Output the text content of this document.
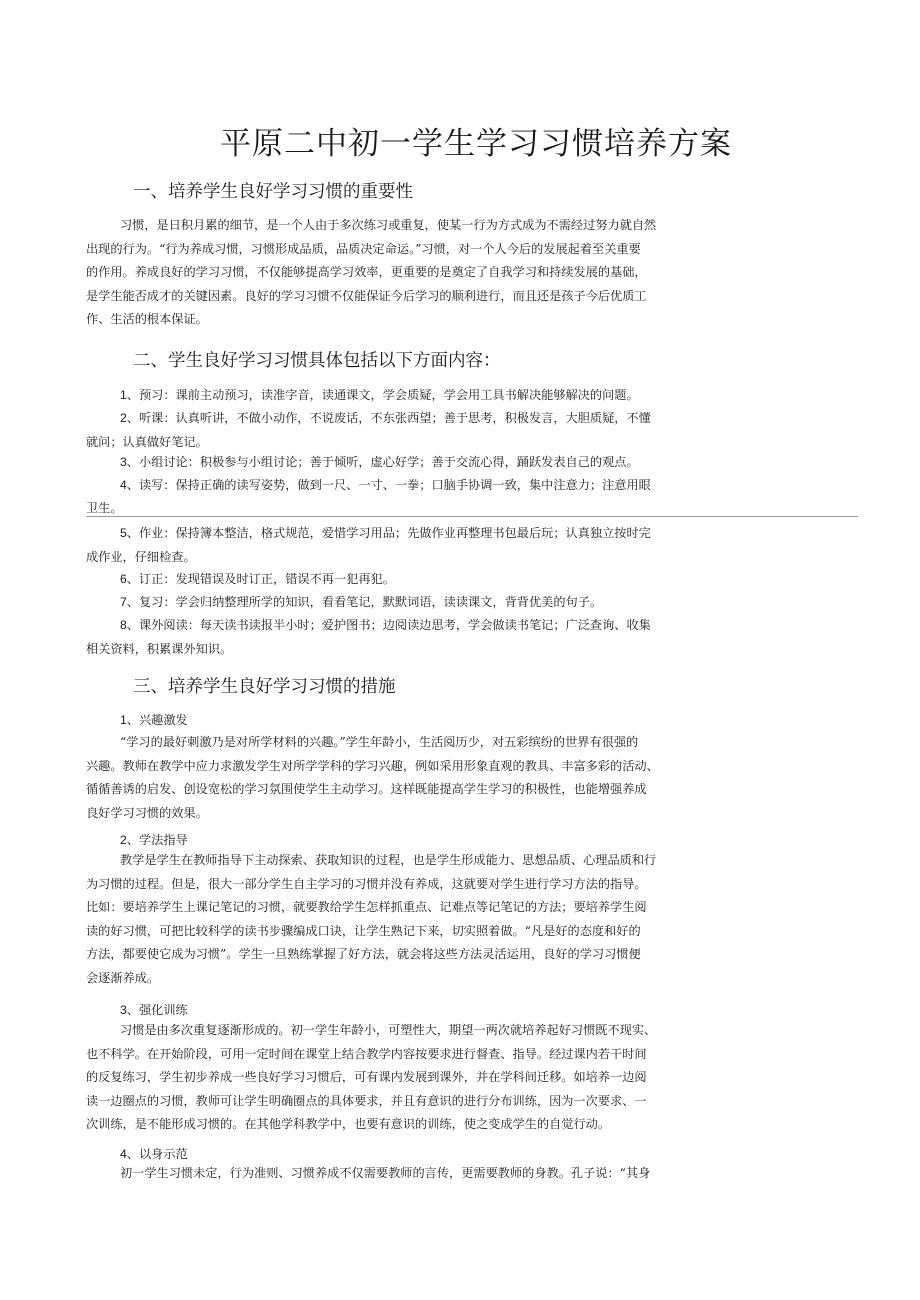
平原二中初一学生学习习惯培养方案
一、培养学生良好学习习惯的重要性
习惯，是日积月累的细节，是一个人由于多次练习或重复，使某一行为方式成为不需经过努力就自然
出现的行为。“行为养成习惯，习惯形成品质，品质决定命运。”习惯，对一个人今后的发展起着至关重要
的作用。养成良好的学习习惯，不仅能够提高学习效率，更重要的是奠定了自我学习和持续发展的基础，
是学生能否成才的关键因素。良好的学习习惯不仅能保证今后学习的顺利进行，而且还是孩子今后优质工
作、生活的根本保证。
二、学生良好学习习惯具体包括以下方面内容：
1、预习：课前主动预习，读准字音，读通课文，学会质疑，学会用工具书解决能够解决的问题。
2、听课：认真听讲，不做小动作，不说废话，不东张西望；善于思考，积极发言，大胆质疑，不懂
就问；认真做好笔记。
3、小组讨论：积极参与小组讨论；善于倾听，虚心好学；善于交流心得，踊跃发表自己的观点。
4、读写：保持正确的读写姿势，做到一尺、一寸、一拳；口脑手协调一致，集中注意力；注意用眼
卫生。
5、作业：保持簿本整洁，格式规范，爱惜学习用品；先做作业再整理书包最后玩；认真独立按时完
成作业，仔细检查。
6、订正：发现错误及时订正，错误不再一犯再犯。
7、复习：学会归纳整理所学的知识，看看笔记，默默词语，读读课文，背背优美的句子。
8、课外阅读：每天读书读报半小时；爱护图书；边阅读边思考，学会做读书笔记；广泛查询、收集
相关资料，积累课外知识。
三、培养学生良好学习习惯的措施
1、兴趣激发
“学习的最好刺激乃是对所学材料的兴趣。”学生年龄小，生活阅历少，对五彩缤纷的世界有很强的
兴趣。教师在教学中应力求激发学生对所学学科的学习兴趣，例如采用形象直观的教具、丰富多彩的活动、
循循善诱的启发、创设宽松的学习氛围使学生主动学习。这样既能提高学生学习的积极性，也能增强养成
良好学习习惯的效果。
2、学法指导
教学是学生在教师指导下主动探索、获取知识的过程，也是学生形成能力、思想品质、心理品质和行
为习惯的过程。但是，很大一部分学生自主学习的习惯并没有养成，这就要对学生进行学习方法的指导。
比如：要培养学生上课记笔记的习惯，就要教给学生怎样抓重点、记难点等记笔记的方法；要培养学生阅
读的好习惯，可把比较科学的读书步骤编成口诀，让学生熟记下来，切实照着做。“凡是好的态度和好的
方法，都要使它成为习惯”。学生一旦熟练掌握了好方法，就会将这些方法灵活运用，良好的学习习惯便
会逐渐养成。
3、强化训练
习惯是由多次重复逐渐形成的。初一学生年龄小，可塑性大，期望一两次就培养起好习惯既不现实、
也不科学。在开始阶段，可用一定时间在课堂上结合教学内容按要求进行督查、指导。经过课内若干时间
的反复练习，学生初步养成一些良好学习习惯后，可有课内发展到课外，并在学科间迁移。如培养一边阅
读一边圈点的习惯，教师可让学生明确圈点的具体要求，并且有意识的进行分布训练，因为一次要求、一
次训练，是不能形成习惯的。在其他学科教学中，也要有意识的训练，使之变成学生的自觉行动。
4、以身示范
初一学生习惯未定，行为准则、习惯养成不仅需要教师的言传，更需要教师的身教。孔子说：“其身
